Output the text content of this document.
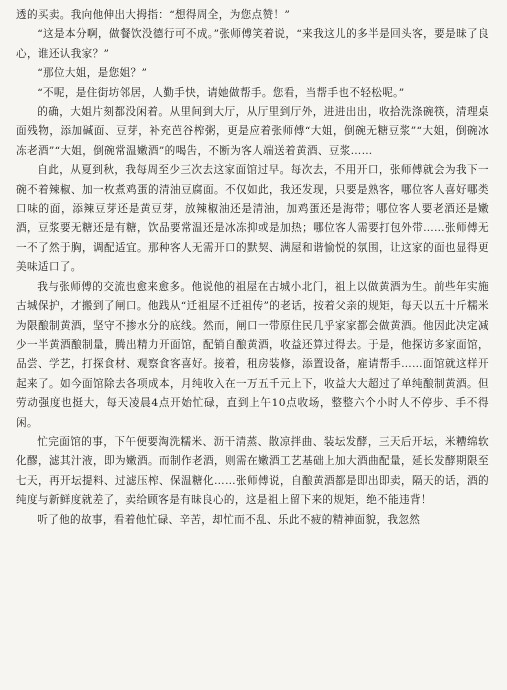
透的买卖。我向他伸出大拇指：“想得周全，为您点赞！”

“这是本分啊，做餐饮没德行可不成。”张师傅笑着说，“来我这儿的多半是回头客，要是昧了良心，谁还认我家？”

“那位大姐，是您姐？”

“不呢，是住街坊邻居，人勤手快，请她做帮手。您看，当帮手也不轻松呢。”

的确，大姐片刻都没闲着。从里间到大厅，从厅里到厅外，进进出出，收拾洗涤碗筷，清理桌面残物，添加碱面、豆芽，补充芭谷榨粥，更是应着张师傅“大姐，倒碗无糖豆浆”“大姐，倒碗冰冻老酒”“大姐，倒碗常温嫩酒”的喝吿，不断为客人端送着黄酒、豆浆……

自此，从夏到秋，我每周至少三次去这家面馆过早。每次去，不用开口，张师傅就会为我下一碗不着辣椒、加一枚煮鸡蛋的清油豆腐面。不仅如此，我还发现，只要是熟客，哪位客人喜好哪类口味的面，添辣豆芽还是黄豆芽，放辣椒油还是清油，加鸡蛋还是海带；哪位客人要老酒还是嫩酒，豆浆要无糖还是有糖，饮品要常温还是冰冻抑或是加热；哪位客人需要打包外带……张师傅无一不了然于胸，调配适宜。那种客人无需开口的默契、满屋和谐愉悦的氛围，让这家的面也显得更美味适口了。

我与张师傅的交流也愈来愈多。他说他的祖屋在古城小北门，祖上以做黄酒为生。前些年实施古城保护，才搬到了闸口。他践从“迁祖屋不迁祖传”的老话，按着父亲的规矩，每天以五十斤糯米为限酿制黄酒，坚守不掺水分的底线。然而，闸口一带原住民几乎家家都会做黄酒。他因此决定减少一半黄酒酿制量，腾出精力开面馆，配销自酿黄酒，收益还算过得去。于是，他探访多家面馆，品尝、学艺，打探食材、观察食客喜好。接着，租房装修，添置设备，雇请帮手……面馆就这样开起来了。如今面馆除去各项成本，月纯收入在一万五千元上下，收益大大超过了单纯酿制黄酒。但劳动强度也挺大，每天凌晨4点开始忙碌，直到上午10点收场，整整六个小时人不停步、手不得闲。

忙完面馆的事，下午便要淘洗糯米、沥干清蒸、散凉拌曲、装坛发酵，三天后开坛，米糟绵软化醪，滤其汁液，即为嫩酒。而制作老酒，则需在嫩酒工艺基础上加大酒曲配量，延长发酵期限至七天，再开坛提料、过滤压榨、保温糖化……张师傅说，自酿黄酒都是即出即卖，隔天的话，酒的纯度与新鲜度就差了，卖给顾客是有昧良心的，这是祖上留下来的规矩，绝不能违背！

听了他的故事，看着他忙碌、辛苦，却忙而不乱、乐此不疲的精神面貌，我忽然
